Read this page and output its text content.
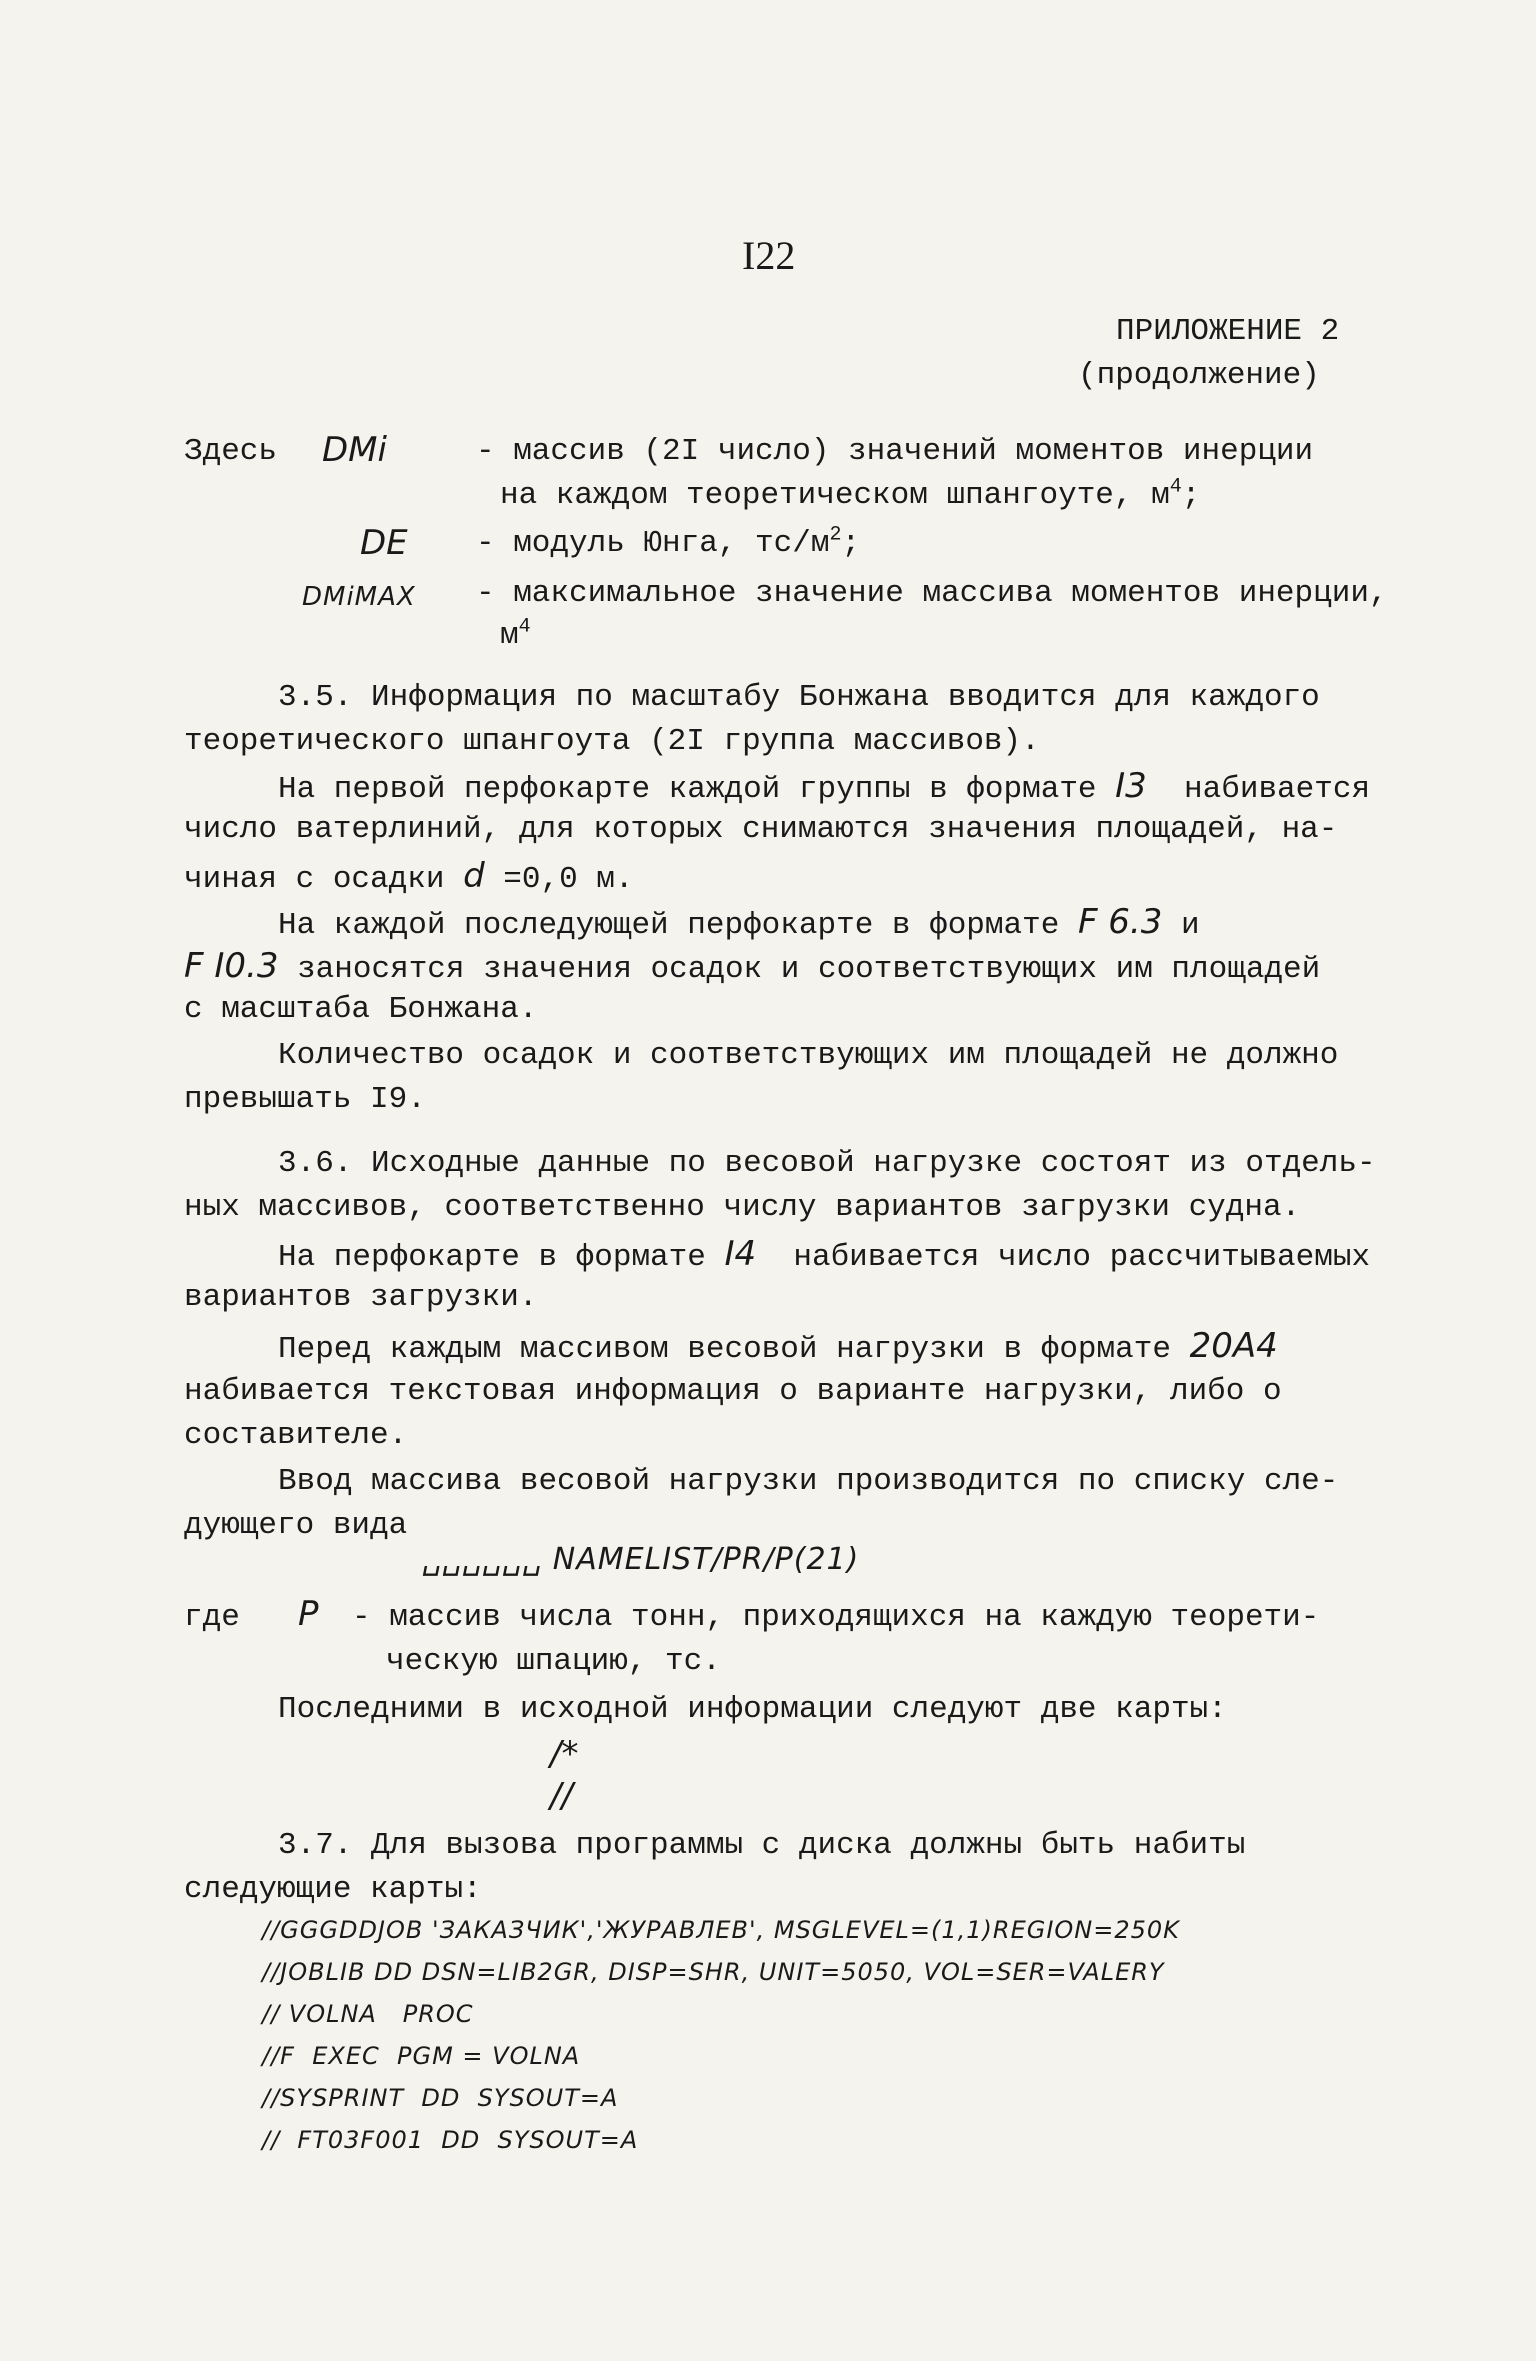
I22
ПРИЛОЖЕНИЕ 2
(продолжение)
Здесь DMi	- массив (2I число) значений моментов инерции
на каждом теоретическом шпангоуте, $м^4$;
DE - модуль Юнга, $тс/м^2$;
DMiMAX - максимальное значение массива моментов инерции,
$м^4$
3.5. Информация по масштабу Бонжана вводится для каждого
теоретического шпангоута (2I группа массивов).
На первой перфокарте каждой группы в формате I3 набивается
число ватерлиний, для которых снимаются значения площадей, на-
чиная с осадки d =0,0 м.
На каждой последующей перфокарте в формате F 6.3 и
F I0.3 заносятся значения осадок и соответствующих им площадей
с масштаба Бонжана.
Количество осадок и соответствующих им площадей не должно
превышать I9.
3.6. Исходные данные по весовой нагрузке состоят из отдель-
ных массивов, соответственно числу вариантов загрузки судна.
На перфокарте в формате I4 набивается число рассчитываемых
вариантов загрузки.
Перед каждым массивом весовой нагрузки в формате 20A4
набивается текстовая информация о варианте нагрузки, либо о
составителе.
Ввод массива весовой нагрузки производится по списку сле-
дующего вида
␣␣␣␣␣␣ NAMELIST/PR/P(21)
где P - массив числа тонн, приходящихся на каждую теорети-
ческую шпацию, тс.
Последними в исходной информации следуют две карты:
/*
//
3.7. Для вызова программы с диска должны быть набиты
следующие карты:
//GGGDDJOB 'ЗАКАЗЧИК','ЖУРАВЛЕВ', MSGLEVEL=(1,1)REGION=250K
//JOBLIB DD DSN=LIB2GR, DISP=SHR, UNIT=5050, VOL=SER=VALERY
// VOLNA   PROC
//F  EXEC  PGM = VOLNA
//SYSPRINT  DD  SYSOUT=A
//  FT03F001  DD  SYSOUT=A
